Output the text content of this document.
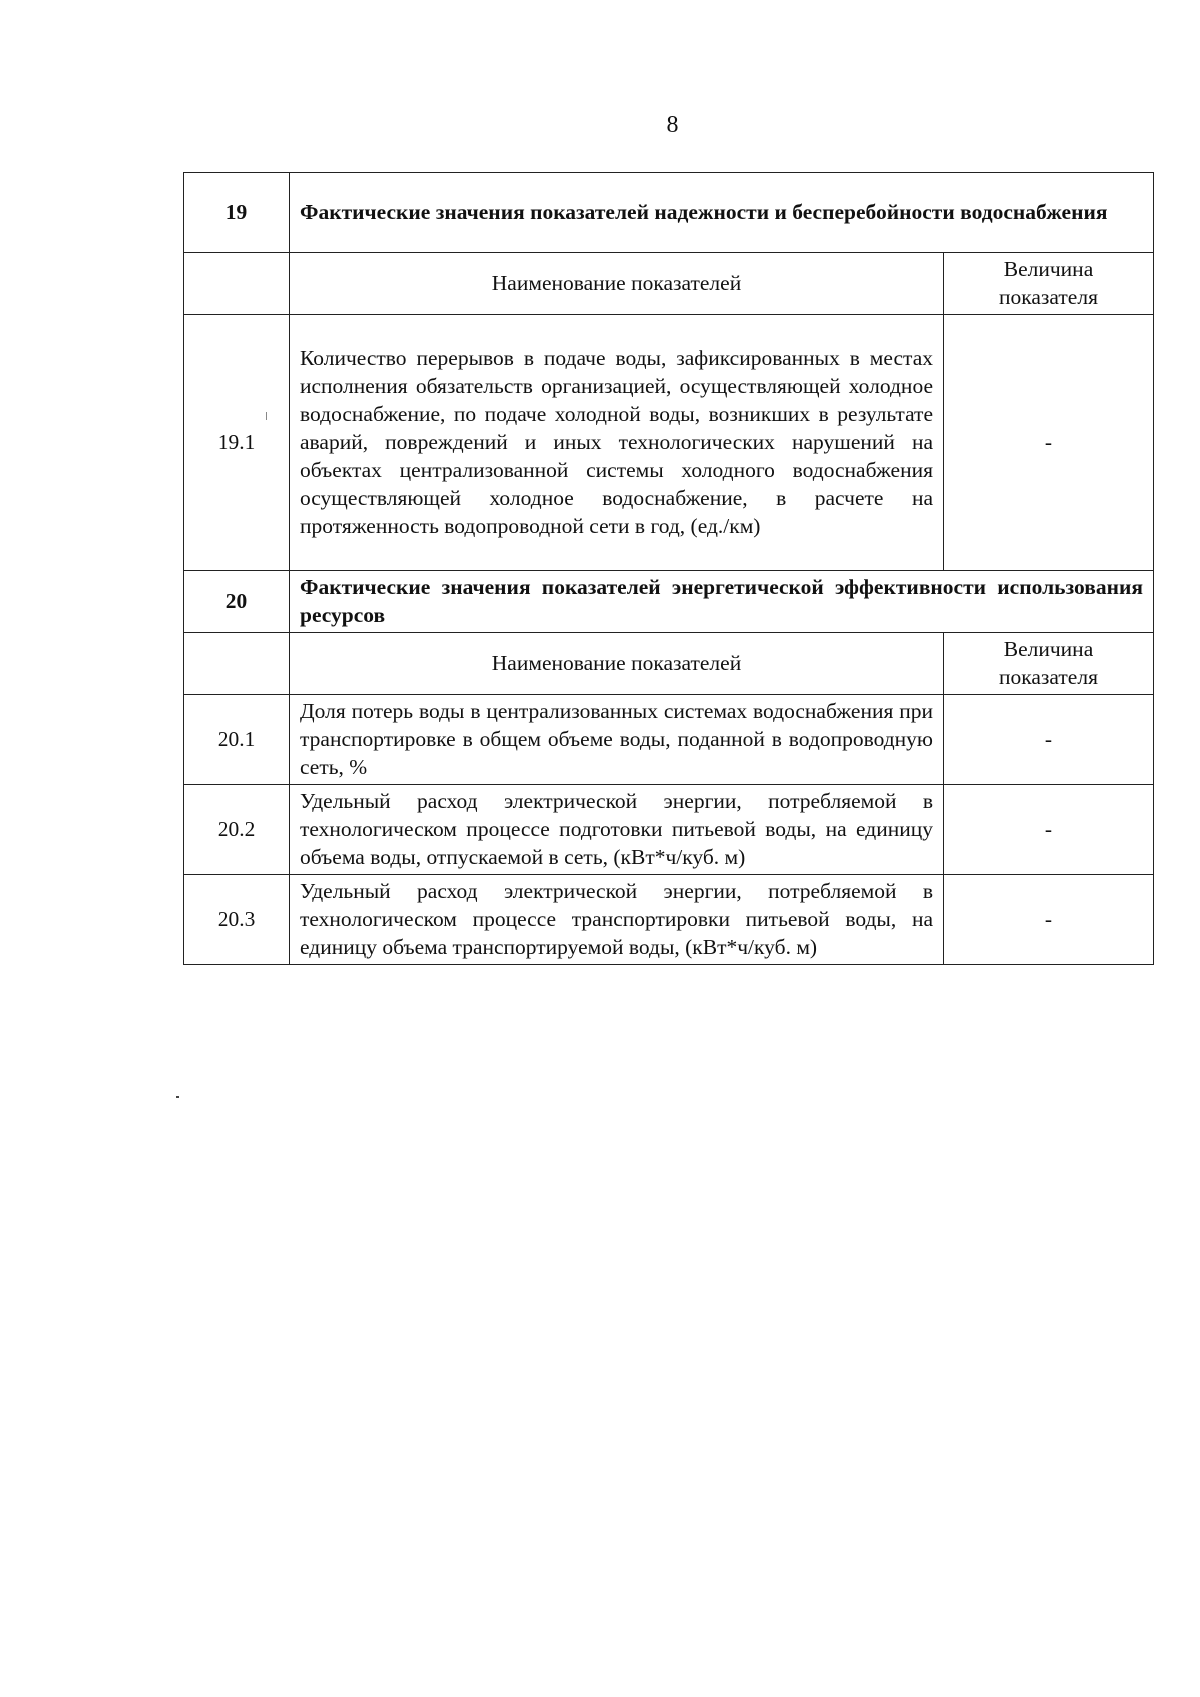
8
19	Фактические значения показателей надежности и бесперебойности водоснабжения	
	Наименование показателей	Величина показателя
19.1	Количество перерывов в подаче воды, зафиксированных в местах исполнения обязательств организацией, осуществляющей холодное водоснабжение, по подаче холодной воды, возникших в результате аварий, повреждений и иных технологических нарушений на объектах централизованной системы холодного водоснабжения осуществляющей холодное водоснабжение, в расчете на протяженность водопроводной сети в год, (ед./км)	-
20	Фактические значения показателей энергетической эффективности использования ресурсов	
	Наименование показателей	Величина показателя
20.1	Доля потерь воды в централизованных системах водоснабжения при транспортировке в общем объеме воды, поданной в водопроводную сеть, %	-
20.2	Удельный расход электрической энергии, потребляемой в технологическом процессе подготовки питьевой воды, на единицу объема воды, отпускаемой в сеть, (кВт*ч/куб. м)	-
20.3	Удельный расход электрической энергии, потребляемой в технологическом процессе транспортировки питьевой воды, на единицу объема транспортируемой воды, (кВт*ч/куб. м)	-
